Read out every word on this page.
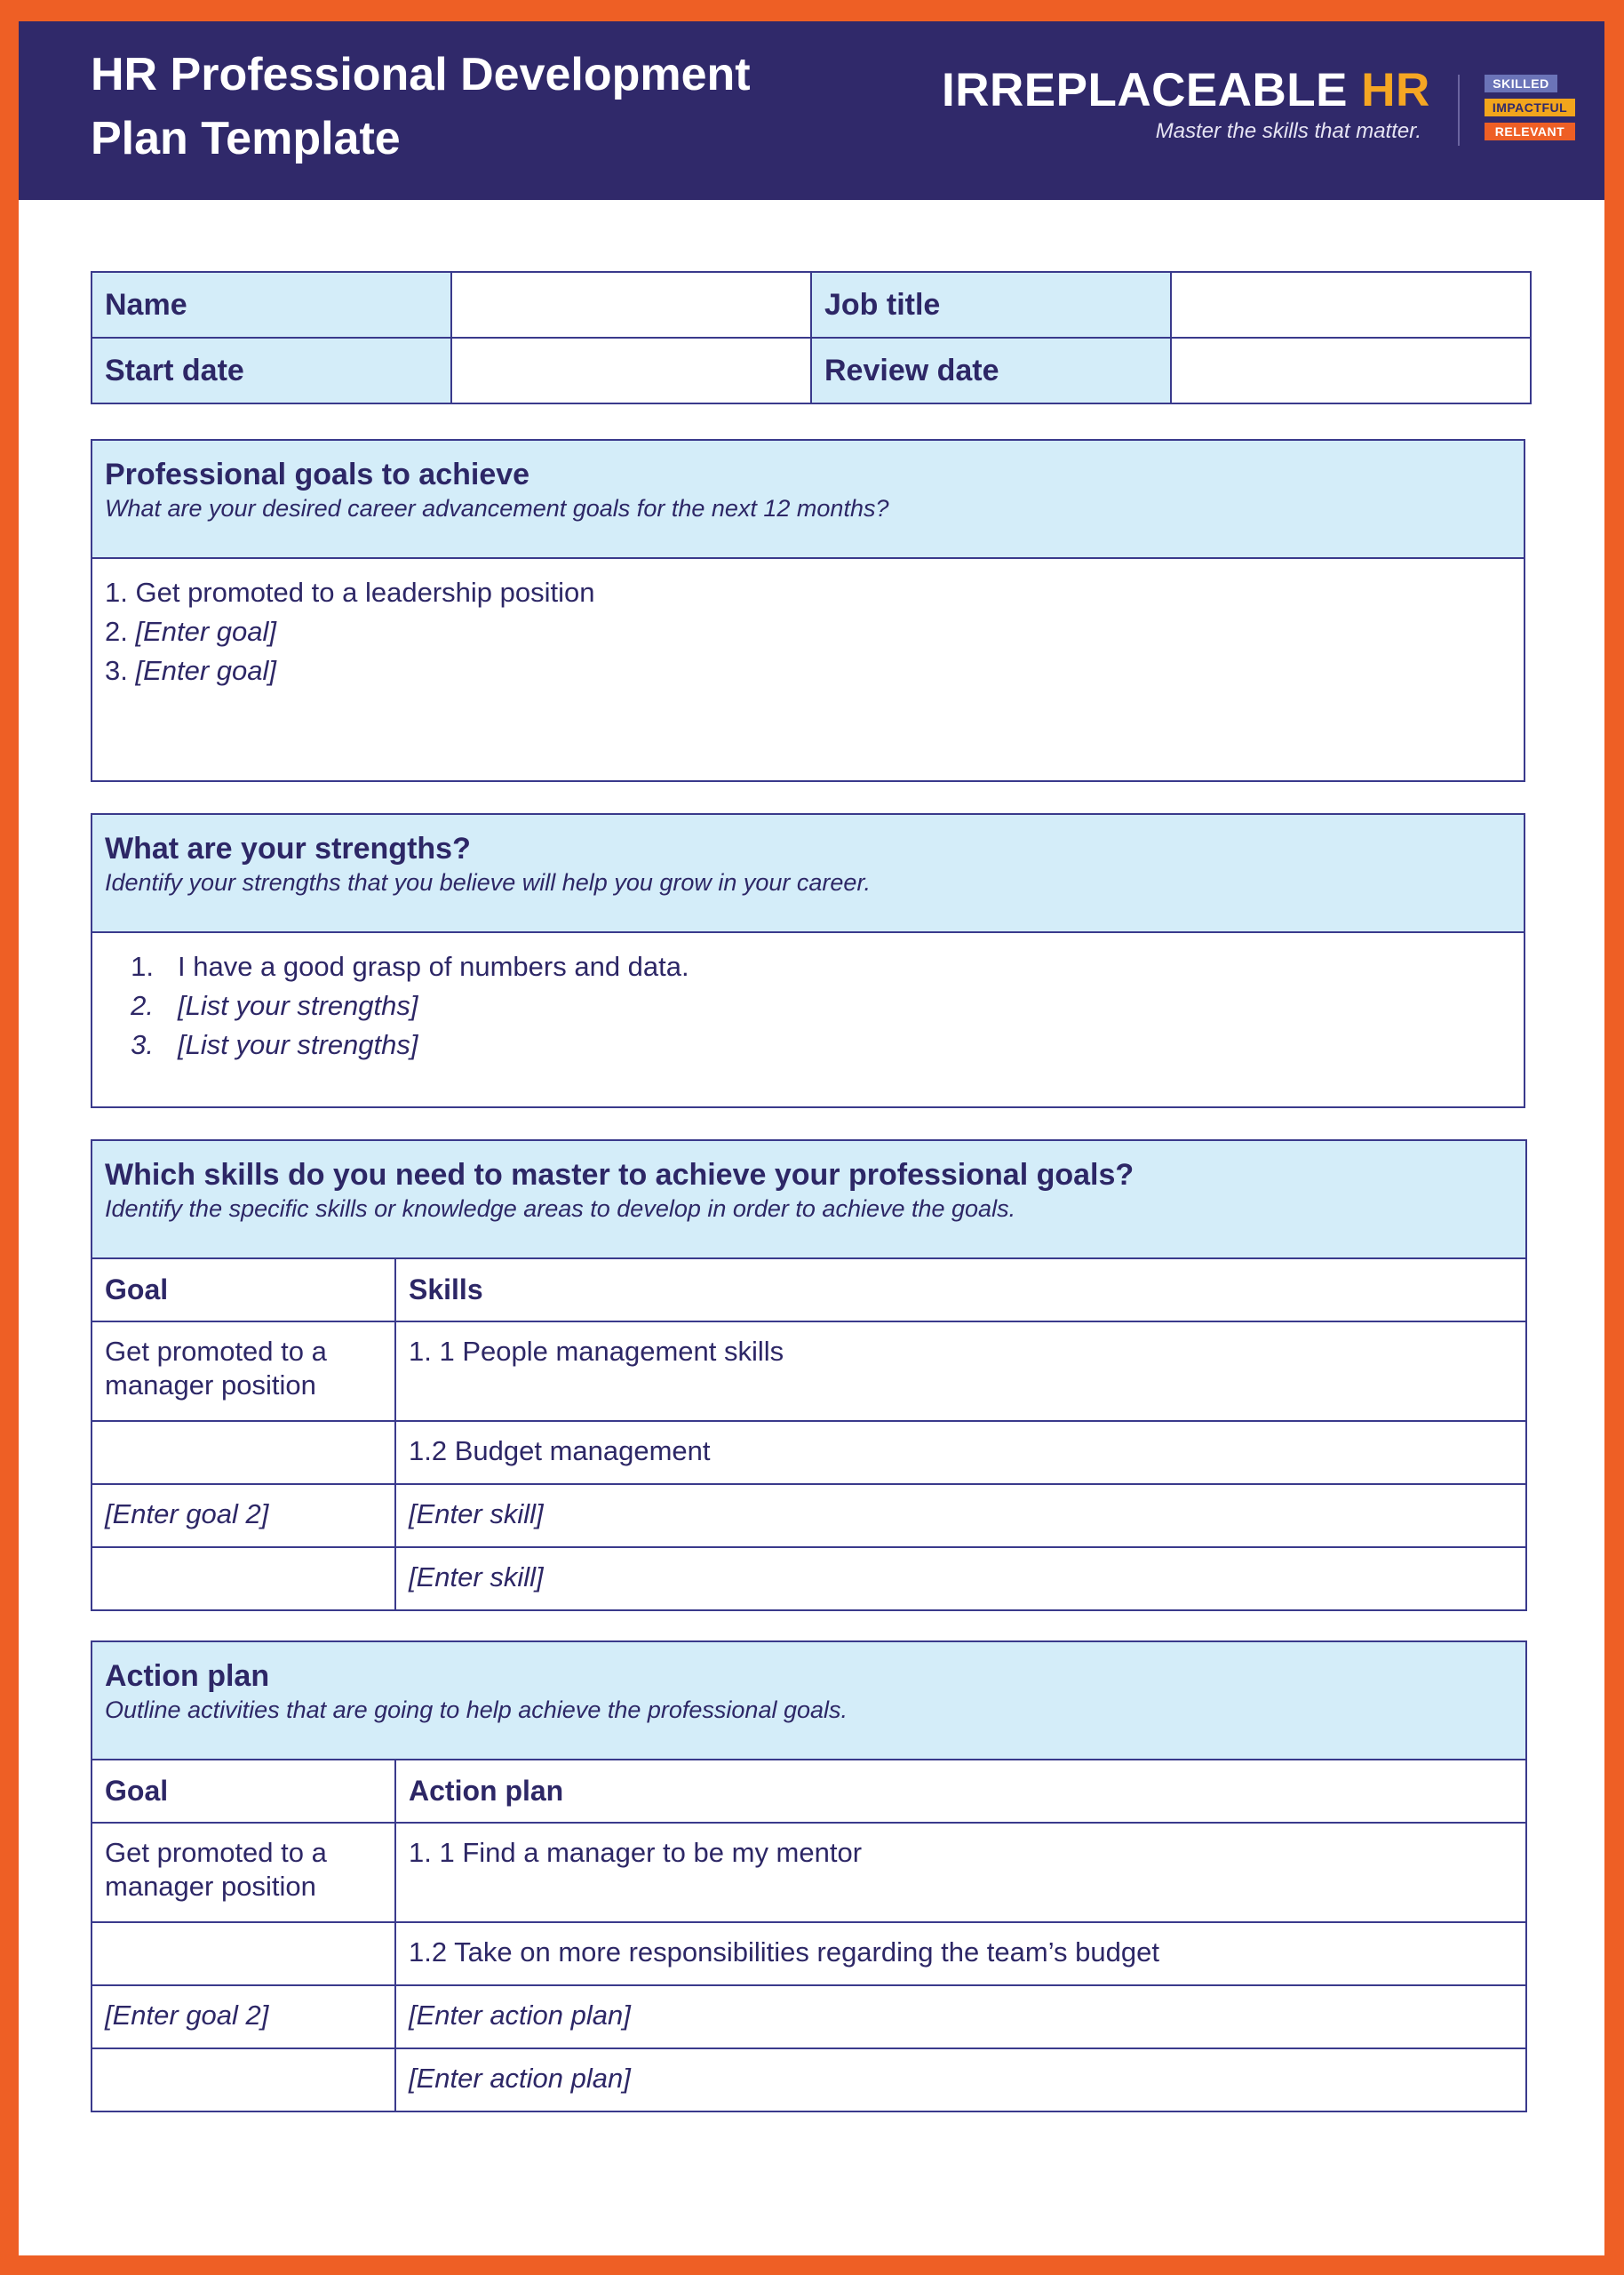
HR Professional Development
Plan Template
IRREPLACEABLE HR
Master the skills that matter.
SKILLED
IMPACTFUL
RELEVANT
Name		Job title	
Start date		Review date	
Professional goals to achieve
What are your desired career advancement goals for the next 12 months?

1. Get promoted to a leadership position
2. [Enter goal]
3. [Enter goal]
What are your strengths?
Identify your strengths that you believe will help you grow in your career.

1. I have a good grasp of numbers and data.
2. [List your strengths]
3. [List your strengths]
Which skills do you need to master to achieve your professional goals?
Identify the specific skills or knowledge areas to develop in order to achieve the goals.	

Goal	Skills
Get promoted to a manager position	1. 1 People management skills
	1.2 Budget management
[Enter goal 2]	[Enter skill]
	[Enter skill]
Action plan
Outline activities that are going to help achieve the professional goals.	

Goal	Action plan
Get promoted to a manager position	1. 1 Find a manager to be my mentor
	1.2 Take on more responsibilities regarding the team’s budget
[Enter goal 2]	[Enter action plan]
	[Enter action plan]
